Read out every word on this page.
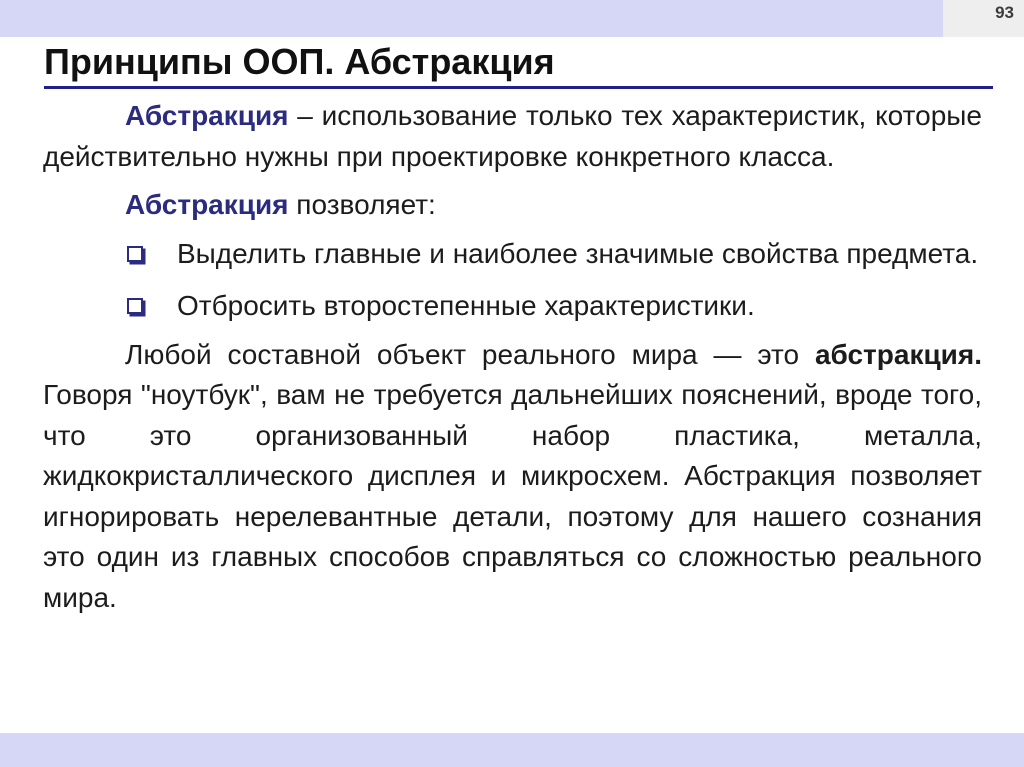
93
Принципы ООП. Абстракция

Абстракция – использование только тех характеристик, которые действительно нужны при проектировке конкретного класса.

Абстракция позволяет:

Выделить главные и наиболее значимые свойства предмета.
Отбросить второстепенные характеристики.

Любой составной объект реального мира — это абстракция. Говоря "ноутбук", вам не требуется дальнейших пояснений, вроде того, что это организованный набор пластика, металла, жидкокристаллического дисплея и микросхем. Абстракция позволяет игнорировать нерелевантные детали, поэтому для нашего сознания это один из главных способов справляться со сложностью реального мира.
